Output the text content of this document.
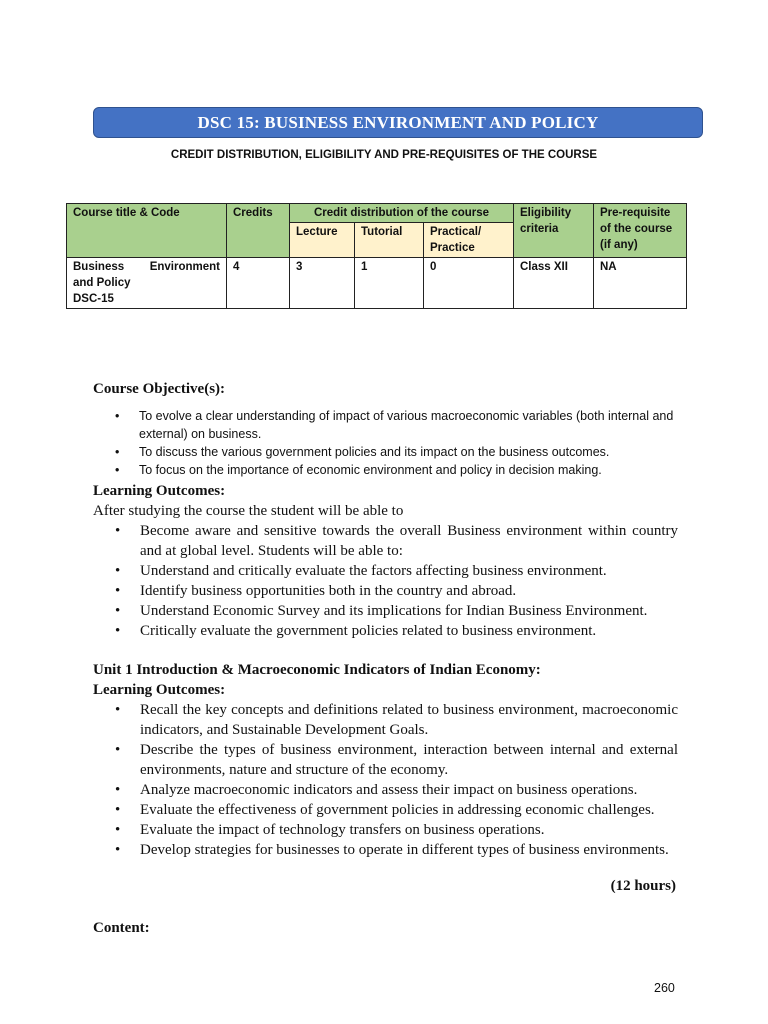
DSC 15: BUSINESS ENVIRONMENT AND POLICY
CREDIT DISTRIBUTION, ELIGIBILITY AND PRE-REQUISITES OF THE COURSE
Course title & Code	Credits	Credit distribution of the course			Eligibility criteria	Pre-requisite of the course (if any)
		Lecture	Tutorial	Practical/ Practice		

Business Environment
and Policy
DSC-15	4	3	1	0	Class XII	NA
Course Objective(s):
• To evolve a clear understanding of impact of various macroeconomic variables (both internal and external) on business.
• To discuss the various government policies and its impact on the business outcomes.
• To focus on the importance of economic environment and policy in decision making.
Learning Outcomes:
After studying the course the student will be able to
• Become aware and sensitive towards the overall Business environment within country and at global level. Students will be able to:
• Understand and critically evaluate the factors affecting business environment.
• Identify business opportunities both in the country and abroad.
• Understand Economic Survey and its implications for Indian Business Environment.
• Critically evaluate the government policies related to business environment.
Unit 1 Introduction & Macroeconomic Indicators of Indian Economy:
Learning Outcomes:
• Recall the key concepts and definitions related to business environment, macroeconomic indicators, and Sustainable Development Goals.
• Describe the types of business environment, interaction between internal and external environments, nature and structure of the economy.
• Analyze macroeconomic indicators and assess their impact on business operations.
• Evaluate the effectiveness of government policies in addressing economic challenges.
• Evaluate the impact of technology transfers on business operations.
• Develop strategies for businesses to operate in different types of business environments.
(12 hours)
Content:
260
